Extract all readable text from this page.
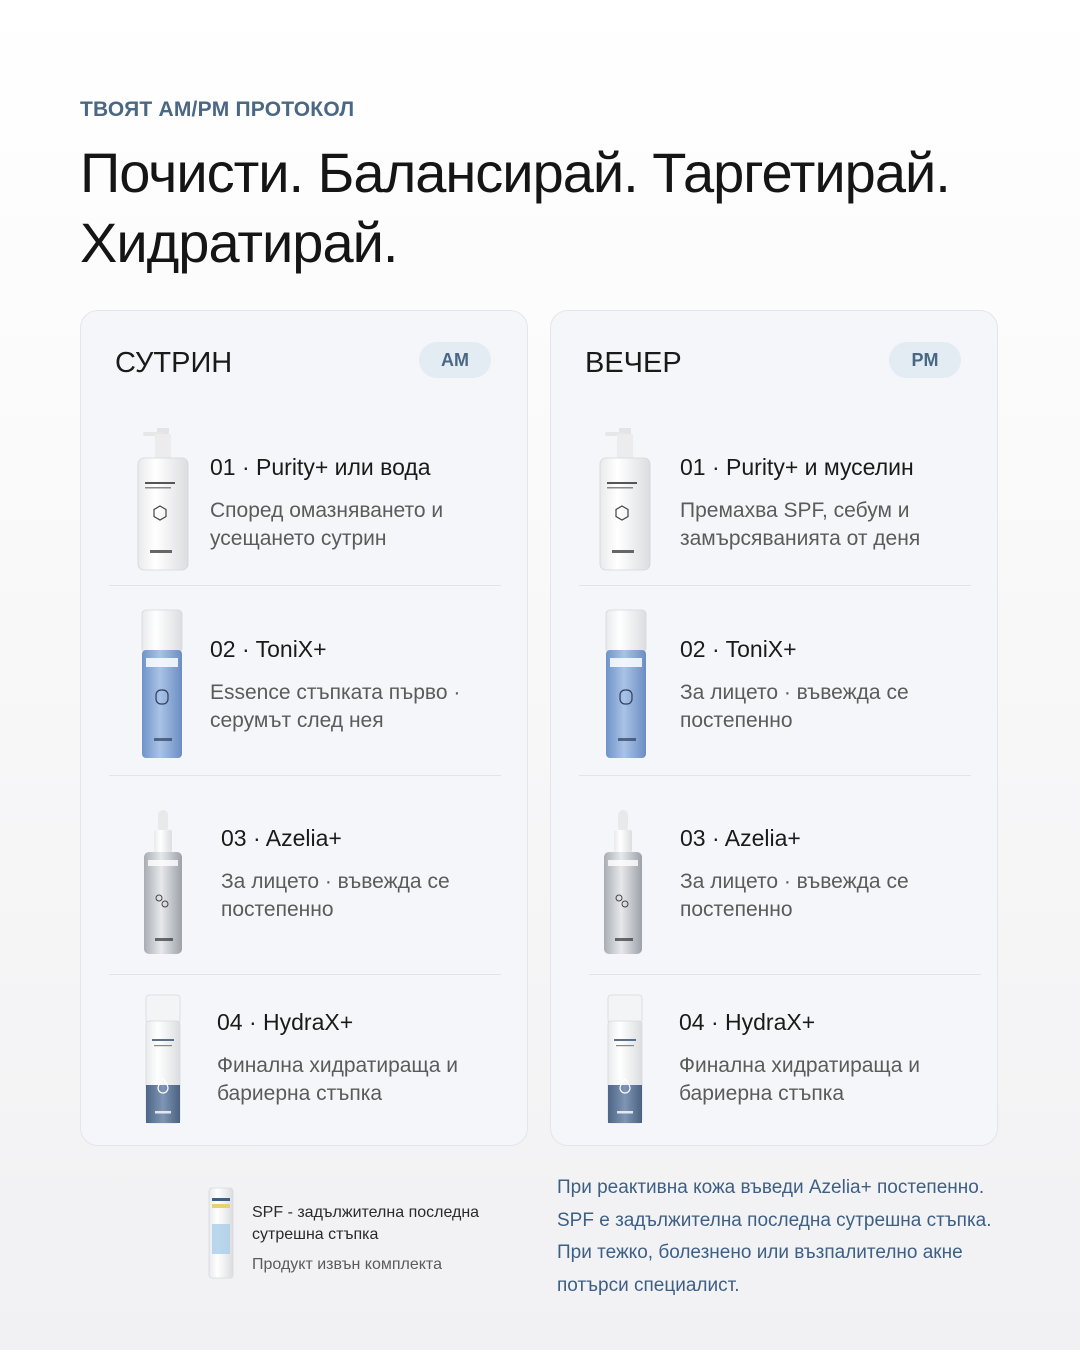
ТВОЯТ AM/PM ПРОТОКОЛ
Почисти. Балансирай. Таргетирай. Хидратирай.
СУТРИН	AM
01 · Purity+ или вода
Според омазняването и усещането сутрин
02 · ToniX+
Essence стъпката първо · серумът след нея
03 · Azelia+
За лицето · въвежда се постепенно
04 · HydraX+
Финална хидратираща и бариерна стъпка
ВЕЧЕР	PM
01 · Purity+ и муселин
Премахва SPF, себум и замърсяванията от деня
02 · ToniX+
За лицето · въвежда се постепенно
03 · Azelia+
За лицето · въвежда се постепенно
04 · HydraX+
Финална хидратираща и бариерна стъпка
SPF - задължителна последна сутрешна стъпка
Продукт извън комплекта
При реактивна кожа въведи Azelia+ постепенно. SPF е задължителна последна сутрешна стъпка. При тежко, болезнено или възпалително акне потърси специалист.
